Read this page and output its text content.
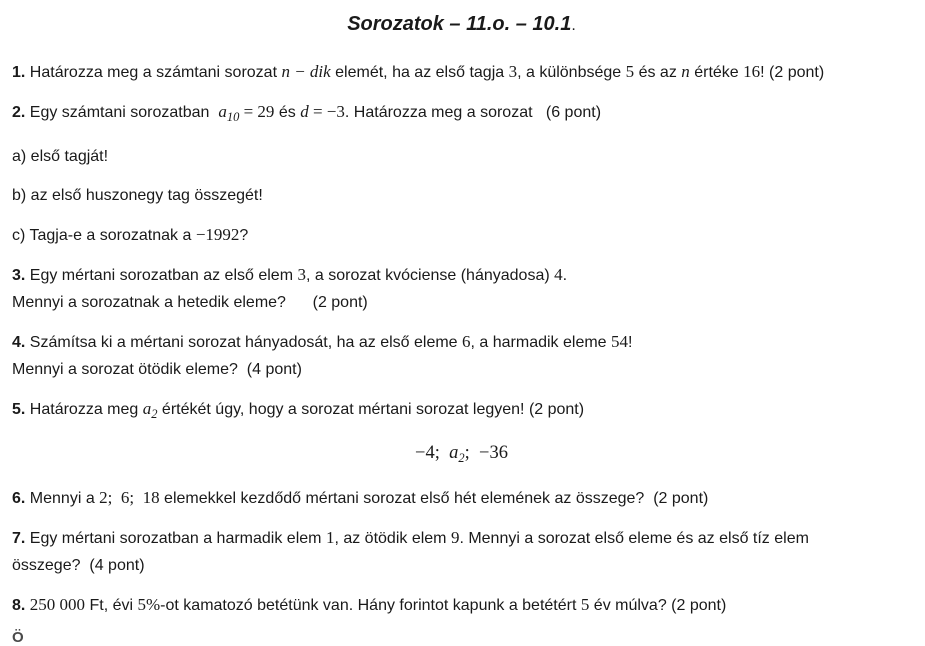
Sorozatok – 11.o. – 10.1.
1. Határozza meg a számtani sorozat n − dik elemét, ha az első tagja 3, a különbsége 5 és az n értéke 16! (2 pont)
2. Egy számtani sorozatban  $a_{10} = 29$ és d = −3. Határozza meg a sorozat   (6 pont)
a) első tagját!
b) az első huszonegy tag összegét!
c) Tagja-e a sorozatnak a −1992?
3. Egy mértani sorozatban az első elem 3, a sorozat kvóciense (hányadosa) 4.
Mennyi a sorozatnak a hetedik eleme?      (2 pont)
4. Számítsa ki a mértani sorozat hányadosát, ha az első eleme 6, a harmadik eleme 54!
Mennyi a sorozat ötödik eleme?  (4 pont)
5. Határozza meg $a_2$ értékét úgy, hogy a sorozat mértani sorozat legyen! (2 pont)
−4;  $a_2$;  −36
6. Mennyi a 2;  6;  18 elemekkel kezdődő mértani sorozat első hét elemének az összege?  (2 pont)
7. Egy mértani sorozatban a harmadik elem 1, az ötödik elem 9. Mennyi a sorozat első eleme és az első tíz elem
összege?  (4 pont)
8. 250 000 Ft, évi 5%-ot kamatozó betétünk van. Hány forintot kapunk a betétért 5 év múlva? (2 pont)
Ö
